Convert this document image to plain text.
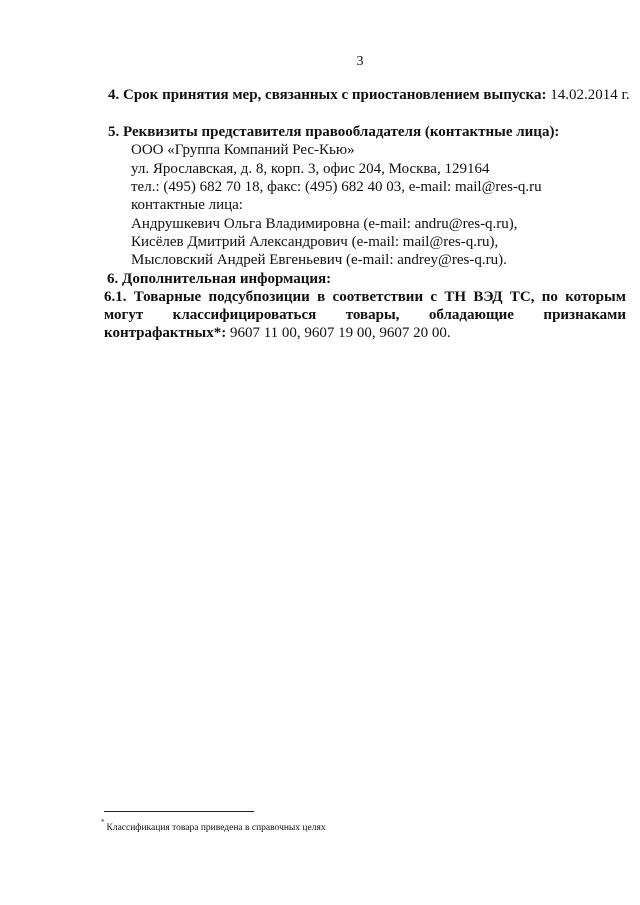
3
4. Срок принятия мер, связанных с приостановлением выпуска: 14.02.2014 г.
5. Реквизиты представителя правообладателя (контактные лица):
ООО «Группа Компаний Рес-Кью»
ул. Ярославская, д. 8, корп. 3, офис 204, Москва, 129164
тел.: (495) 682 70 18, факс: (495) 682 40 03, e-mail: mail@res-q.ru
контактные лица:
Андрушкевич Ольга Владимировна (e-mail: andru@res-q.ru),
Кисёлев Дмитрий Александрович (e-mail: mail@res-q.ru),
Мысловский Андрей Евгеньевич (e-mail: andrey@res-q.ru).
6. Дополнительная информация:
6.1. Товарные подсубпозиции в соответствии с ТН ВЭД ТС, по которым
могут классифицироваться товары, обладающие признаками
контрафактных*: 9607 11 00, 9607 19 00, 9607 20 00.
*Классификация товара приведена в справочных целях
